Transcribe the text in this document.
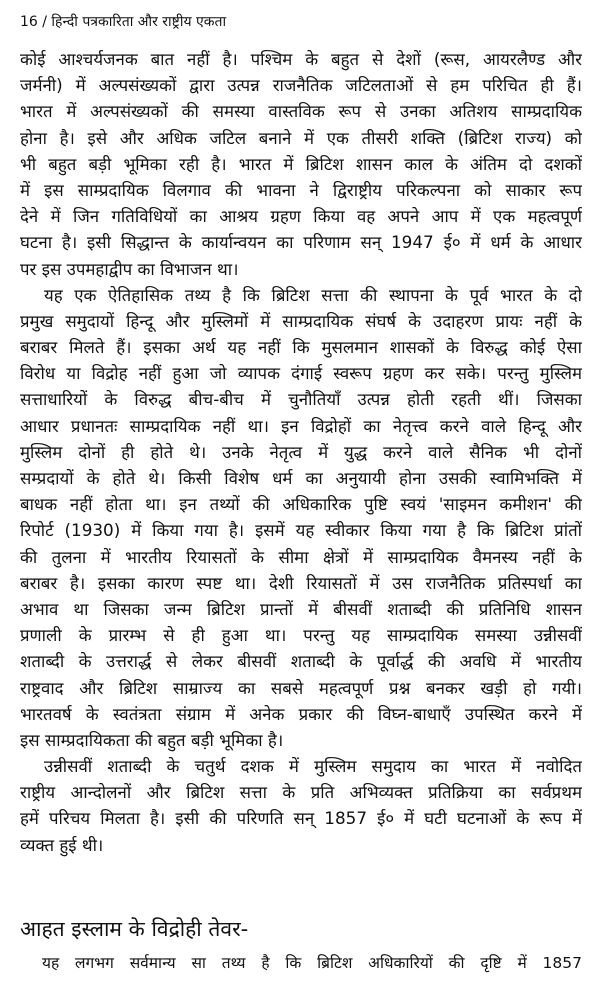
16 / हिन्दी पत्रकारिता और राष्ट्रीय एकता
कोई आश्चर्यजनक बात नहीं है। पश्चिम के बहुत से देशों (रूस, आयरलैण्ड और
जर्मनी) में अल्पसंख्यकों द्वारा उत्पन्न राजनैतिक जटिलताओं से हम परिचित ही हैं।
भारत में अल्पसंख्यकों की समस्या वास्तविक रूप से उनका अतिशय साम्प्रदायिक
होना है। इसे और अधिक जटिल बनाने में एक तीसरी शक्ति (ब्रिटिश राज्य) को
भी बहुत बड़ी भूमिका रही है। भारत में ब्रिटिश शासन काल के अंतिम दो दशकों
में इस साम्प्रदायिक विलगाव की भावना ने द्विराष्ट्रीय परिकल्पना को साकार रूप
देने में जिन गतिविधियों का आश्रय ग्रहण किया वह अपने आप में एक महत्वपूर्ण
घटना है। इसी सिद्धान्त के कार्यान्वयन का परिणाम सन् 1947 ई० में धर्म के आधार
पर इस उपमहाद्वीप का विभाजन था।
यह एक ऐतिहासिक तथ्य है कि ब्रिटिश सत्ता की स्थापना के पूर्व भारत के दो
प्रमुख समुदायों हिन्दू और मुस्लिमों में साम्प्रदायिक संघर्ष के उदाहरण प्रायः नहीं के
बराबर मिलते हैं। इसका अर्थ यह नहीं कि मुसलमान शासकों के विरुद्ध कोई ऐसा
विरोध या विद्रोह नहीं हुआ जो व्यापक दंगाई स्वरूप ग्रहण कर सके। परन्तु मुस्लिम
सत्ताधारियों के विरुद्ध बीच-बीच में चुनौतियाँ उत्पन्न होती रहती थीं। जिसका
आधार प्रधानतः साम्प्रदायिक नहीं था। इन विद्रोहों का नेतृत्त्व करने वाले हिन्दू और
मुस्लिम दोनों ही होते थे। उनके नेतृत्व में युद्ध करने वाले सैनिक भी दोनों
सम्प्रदायों के होते थे। किसी विशेष धर्म का अनुयायी होना उसकी स्वामिभक्ति में
बाधक नहीं होता था। इन तथ्यों की अधिकारिक पुष्टि स्वयं 'साइमन कमीशन' की
रिपोर्ट (1930) में किया गया है। इसमें यह स्वीकार किया गया है कि ब्रिटिश प्रांतों
की तुलना में भारतीय रियासतों के सीमा क्षेत्रों में साम्प्रदायिक वैमनस्य नहीं के
बराबर है। इसका कारण स्पष्ट था। देशी रियासतों में उस राजनैतिक प्रतिस्पर्धा का
अभाव था जिसका जन्म ब्रिटिश प्रान्तों में बीसवीं शताब्दी की प्रतिनिधि शासन
प्रणाली के प्रारम्भ से ही हुआ था। परन्तु यह साम्प्रदायिक समस्या उन्नीसवीं
शताब्दी के उत्तरार्द्ध से लेकर बीसवीं शताब्दी के पूर्वार्द्ध की अवधि में भारतीय
राष्ट्रवाद और ब्रिटिश साम्राज्य का सबसे महत्वपूर्ण प्रश्न बनकर खड़ी हो गयी।
भारतवर्ष के स्वतंत्रता संग्राम में अनेक प्रकार की विघ्न-बाधाएँ उपस्थित करने में
इस साम्प्रदायिकता की बहुत बड़ी भूमिका है।
उन्नीसवीं शताब्दी के चतुर्थ दशक में मुस्लिम समुदाय का भारत में नवोदित
राष्ट्रीय आन्दोलनों और ब्रिटिश सत्ता के प्रति अभिव्यक्त प्रतिक्रिया का सर्वप्रथम
हमें परिचय मिलता है। इसी की परिणति सन् 1857 ई० में घटी घटनाओं के रूप में
व्यक्त हुई थी।
आहत इस्लाम के विद्रोही तेवर-
यह लगभग सर्वमान्य सा तथ्य है कि ब्रिटिश अधिकारियों की दृष्टि में 1857
